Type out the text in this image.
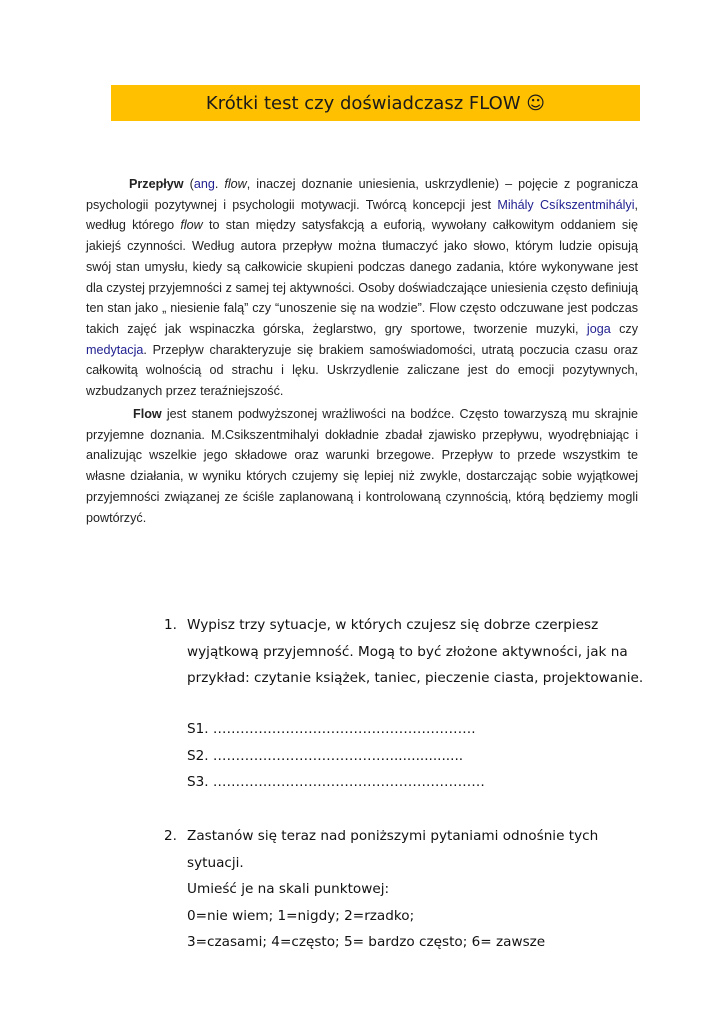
Krótki test czy doświadczasz FLOW ☺

Przepływ (ang. flow, inaczej doznanie uniesienia, uskrzydlenie) – pojęcie z pogranicza psychologii pozytywnej i psychologii motywacji. Twórcą koncepcji jest Mihály Csíkszentmihályi, według którego flow to stan między satysfakcją a euforią, wywołany całkowitym oddaniem się jakiejś czynności. Według autora przepływ można tłumaczyć jako słowo, którym ludzie opisują swój stan umysłu, kiedy są całkowicie skupieni podczas danego zadania, które wykonywane jest dla czystej przyjemności z samej tej aktywności. Osoby doświadczające uniesienia często definiują ten stan jako „ niesienie falą” czy “unoszenie się na wodzie”. Flow często odczuwane jest podczas takich zajęć jak wspinaczka górska, żeglarstwo, gry sportowe, tworzenie muzyki, joga czy medytacja. Przepływ charakteryzuje się brakiem samoświadomości, utratą poczucia czasu oraz całkowitą wolnością od strachu i lęku. Uskrzydlenie zaliczane jest do emocji pozytywnych, wzbudzanych przez teraźniejszość.

Flow jest stanem podwyższonej wrażliwości na bodźce. Często towarzyszą mu skrajnie przyjemne doznania. M.Csikszentmihalyi dokładnie zbadał zjawisko przepływu, wyodrębniając i analizując wszelkie jego składowe oraz warunki brzegowe. Przepływ to przede wszystkim te własne działania, w wyniku których czujemy się lepiej niż zwykle, dostarczając sobie wyjątkowej przyjemności związanej ze ściśle zaplanowaną i kontrolowaną czynnością, którą będziemy mogli powtórzyć.

1. Wypisz trzy sytuacje, w których czujesz się dobrze czerpiesz wyjątkową przyjemność. Mogą to być złożone aktywności, jak na przykład: czytanie książek, taniec, pieczenie ciasta, projektowanie.
S1. ………………………………………………….
S2. ………………………………….................
S3. ……………………………………………………
2. Zastanów się teraz nad poniższymi pytaniami odnośnie tych sytuacji.
Umieść je na skali punktowej:
0=nie wiem; 1=nigdy; 2=rzadko;
3=czasami; 4=często; 5= bardzo często; 6= zawsze
